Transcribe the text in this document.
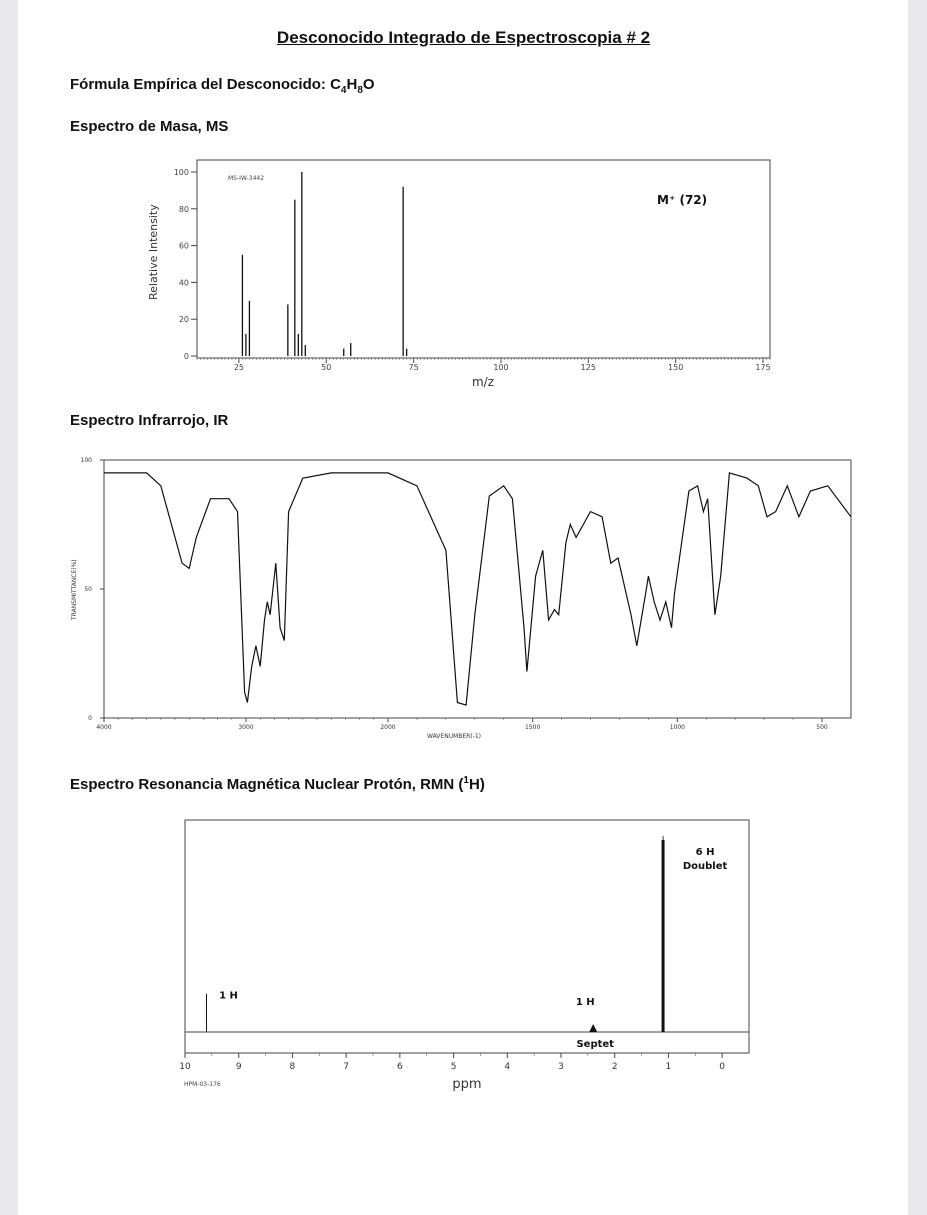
Desconocido Integrado de Espectroscopia # 2
Fórmula Empírica del Desconocido: $C_4H_8O$
Espectro de Masa, MS
0
20
40
60
80
100
25	50	75	100	125	150	175
MS-IW-3442
M⁺ (72)
Relative Intensity
m/z
Espectro Infrarrojo, IR
4000	3000	2000	1500	1000	500
0
50
100
TRANSMITTANCE(%)
WAVENUMBER(-1)
Espectro Resonancia Magnética Nuclear Protón, RMN ($^1$H)
10	9	8	7	6	5	4	3	2	1	0
1 H
1 H
Septet
6 H
Doublet
HPM-03-176	ppm
